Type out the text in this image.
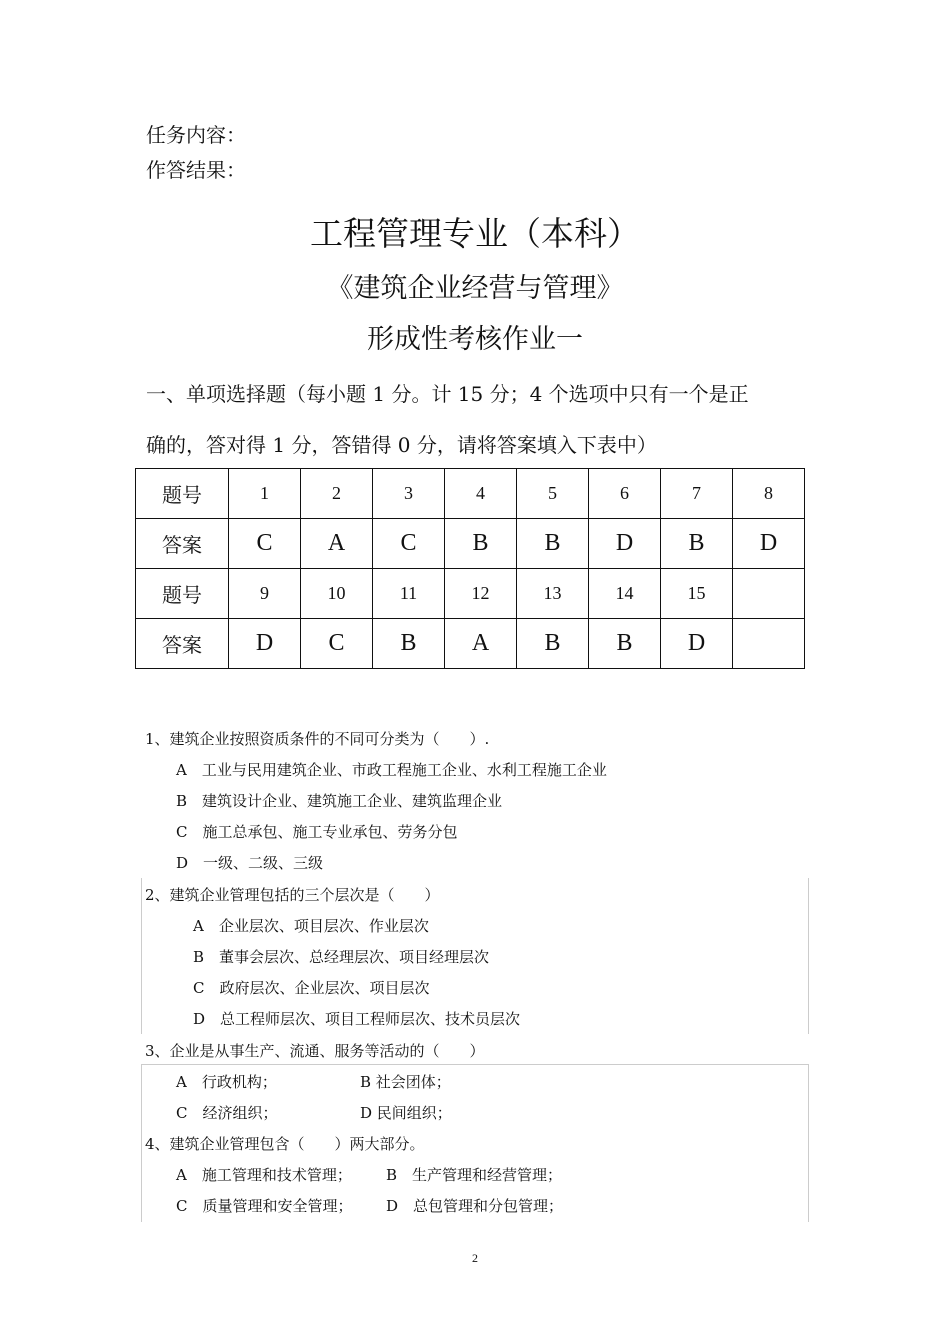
任务内容：
作答结果：
工程管理专业（本科）
《建筑企业经营与管理》
形成性考核作业一
一、单项选择题（每小题 1 分。计 15 分；4 个选项中只有一个是正
确的，答对得 1 分，答错得 0 分，请将答案填入下表中）
题号	1	2	3	4	5	6	7	8
答案	C	A	C	B	B	D	B	D
题号	9	10	11	12	13	14	15	
答案	D	C	B	A	B	B	D	
1、建筑企业按照资质条件的不同可分类为（　　）.
A　工业与民用建筑企业、市政工程施工企业、水利工程施工企业
B　建筑设计企业、建筑施工企业、建筑监理企业
C　施工总承包、施工专业承包、劳务分包
D　一级、二级、三级
2、建筑企业管理包括的三个层次是（　　）
A　企业层次、项目层次、作业层次
B　董事会层次、总经理层次、项目经理层次
C　政府层次、企业层次、项目层次
D　总工程师层次、项目工程师层次、技术员层次
3、企业是从事生产、流通、服务等活动的（　　）
A　行政机构；	B 社会团体；
C　经济组织；	D 民间组织；
4、建筑企业管理包含（　　）两大部分。
A　施工管理和技术管理； B　生产管理和经营管理；
C　质量管理和安全管理； D　总包管理和分包管理；
2
